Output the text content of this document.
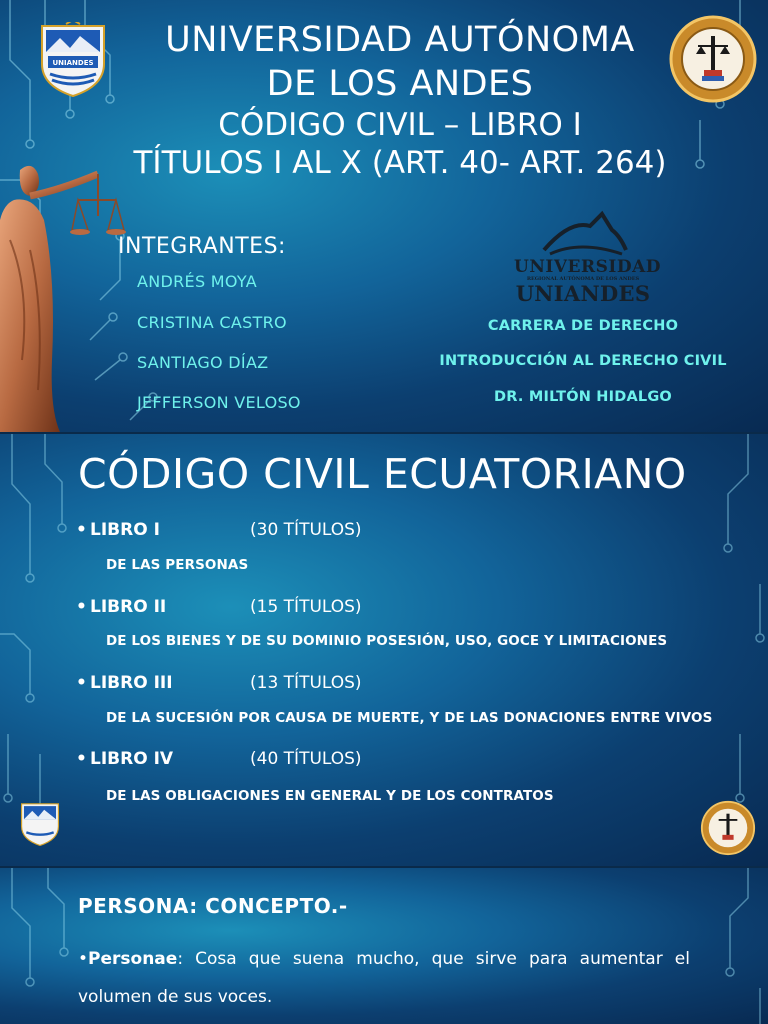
UNIANDES
UNIVERSIDAD AUTÓNOMA
DE LOS ANDES
CÓDIGO CIVIL – LIBRO I
TÍTULOS I AL X (ART. 40- ART. 264)
INTEGRANTES:
ANDRÉS MOYA
CRISTINA CASTRO
SANTIAGO DÍAZ
JEFFERSON VELOSO
UNIVERSIDAD
REGIONAL AUTÓNOMA DE LOS ANDES
UNIANDES
CARRERA DE DERECHO
INTRODUCCIÓN AL DERECHO CIVIL
DR. MILTÓN HIDALGO
CÓDIGO CIVIL ECUATORIANO
• LIBRO I	(30 TÍTULOS)
DE LAS PERSONAS
• LIBRO II	(15 TÍTULOS)
DE LOS BIENES Y DE SU DOMINIO POSESIÓN, USO, GOCE Y LIMITACIONES
• LIBRO III	(13 TÍTULOS)
DE LA SUCESIÓN POR CAUSA DE MUERTE, Y DE LAS DONACIONES ENTRE VIVOS
• LIBRO IV	(40 TÍTULOS)
DE LAS OBLIGACIONES EN GENERAL Y DE LOS CONTRATOS
PERSONA: CONCEPTO.-
•Personae: Cosa que suena mucho, que sirve para aumentar el volumen de sus voces.
